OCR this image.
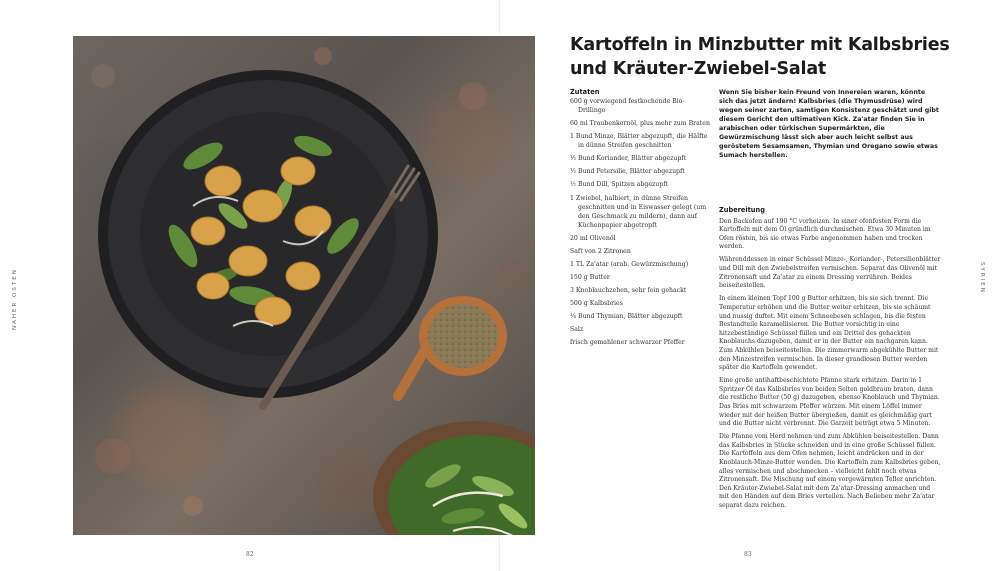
NAHER OSTEN
82
Kartoffeln in Minzbutter mit Kalbsbries und Kräuter-Zwiebel-Salat
Zutaten
600 g vorwiegend festkochende Bio-Drillinge
60 ml Traubenkernöl, plus mehr zum Braten
1 Bund Minze, Blätter abgezupft, die Hälfte in dünne Streifen geschnitten
½ Bund Koriander, Blätter abgezupft
½ Bund Petersilie, Blätter abgezupft
½ Bund Dill, Spitzen abgezupft
1 Zwiebel, halbiert, in dünne Streifen geschnitten und in Eiswasser gelegt (um den Geschmack zu mildern), dann auf Küchenpapier abgetropft
20 ml Olivenöl
Saft von 2 Zitronen
1 TL Za'atar (arab. Gewürzmischung)
150 g Butter
3 Knoblauchzehen, sehr fein gehackt
500 g Kalbsbries
¼ Bund Thymian, Blätter abgezupft
Salz
frisch gemahlener schwarzer Pfeffer
Wenn Sie bisher kein Freund von Innereien waren, könnte sich das jetzt ändern! Kalbsbries (die Thymusdrüse) wird wegen seiner zarten, samtigen Konsistenz geschätzt und gibt diesem Gericht den ultimativen Kick. Za'atar finden Sie in arabischen oder türkischen Supermärkten, die Gewürzmischung lässt sich aber auch leicht selbst aus geröstetem Sesamsamen, Thymian und Oregano sowie etwas Sumach herstellen.
Zubereitung

Den Backofen auf 190 °C vorheizen. In einer ofenfesten Form die Kartoffeln mit dem Öl gründlich durchmischen. Etwa 30 Minuten im Ofen rösten, bis sie etwas Farbe angenommen haben und trocken werden.

Währenddessen in einer Schüssel Minze-, Koriander-, Petersilienblätter und Dill mit den Zwiebelstreifen vermischen. Separat das Olivenöl mit Zitronensaft und Za'atar zu einem Dressing verrühren. Beides beiseitestellen.

In einem kleinen Topf 100 g Butter erhitzen, bis sie sich trennt. Die Temperatur erhöhen und die Butter weiter erhitzen, bis sie schäumt und nussig duftet. Mit einem Schneebesen schlagen, bis die festen Bestandteile karamellisieren. Die Butter vorsichtig in eine hitzebeständige Schüssel füllen und ein Drittel des gehackten Knoblauchs dazugeben, damit er in der Butter ein nachgaren kann. Zum Abkühlen beiseitestellen. Die zimmerwarm abgekühlte Butter mit den Minzestreifen vermischen. In dieser grandiosen Butter werden später die Kartoffeln gewendet.

Eine große antihaftbeschichtete Pfanne stark erhitzen. Darin in 1 Spritzer Öl das Kalbsbries von beiden Seiten goldbraun braten, dann die restliche Butter (50 g) dazugeben, ebenso Knoblauch und Thymian. Das Bries mit schwarzem Pfeffer würzen. Mit einem Löffel immer wieder mit der heißen Butter übergießen, damit es gleichmäßig gart und die Butter nicht verbrennt. Die Garzeit beträgt etwa 5 Minuten.

Die Pfanne vom Herd nehmen und zum Abkühlen beiseitestellen. Dann das Kalbsbries in Stücke schneiden und in eine große Schüssel füllen. Die Kartoffeln aus dem Ofen nehmen, leicht andrücken und in der Knoblauch-Minze-Butter wenden. Die Kartoffeln zum Kalbsbries geben, alles vermischen und abschmecken – vielleicht fehlt noch etwas Zitronensaft. Die Mischung auf einem vorgewärmten Teller anrichten. Den Kräuter-Zwiebel-Salat mit dem Za'atar-Dressing anmachen und mit den Händen auf dem Bries verteilen. Nach Belieben mehr Za'atar separat dazu reichen.

SYRIEN
83
